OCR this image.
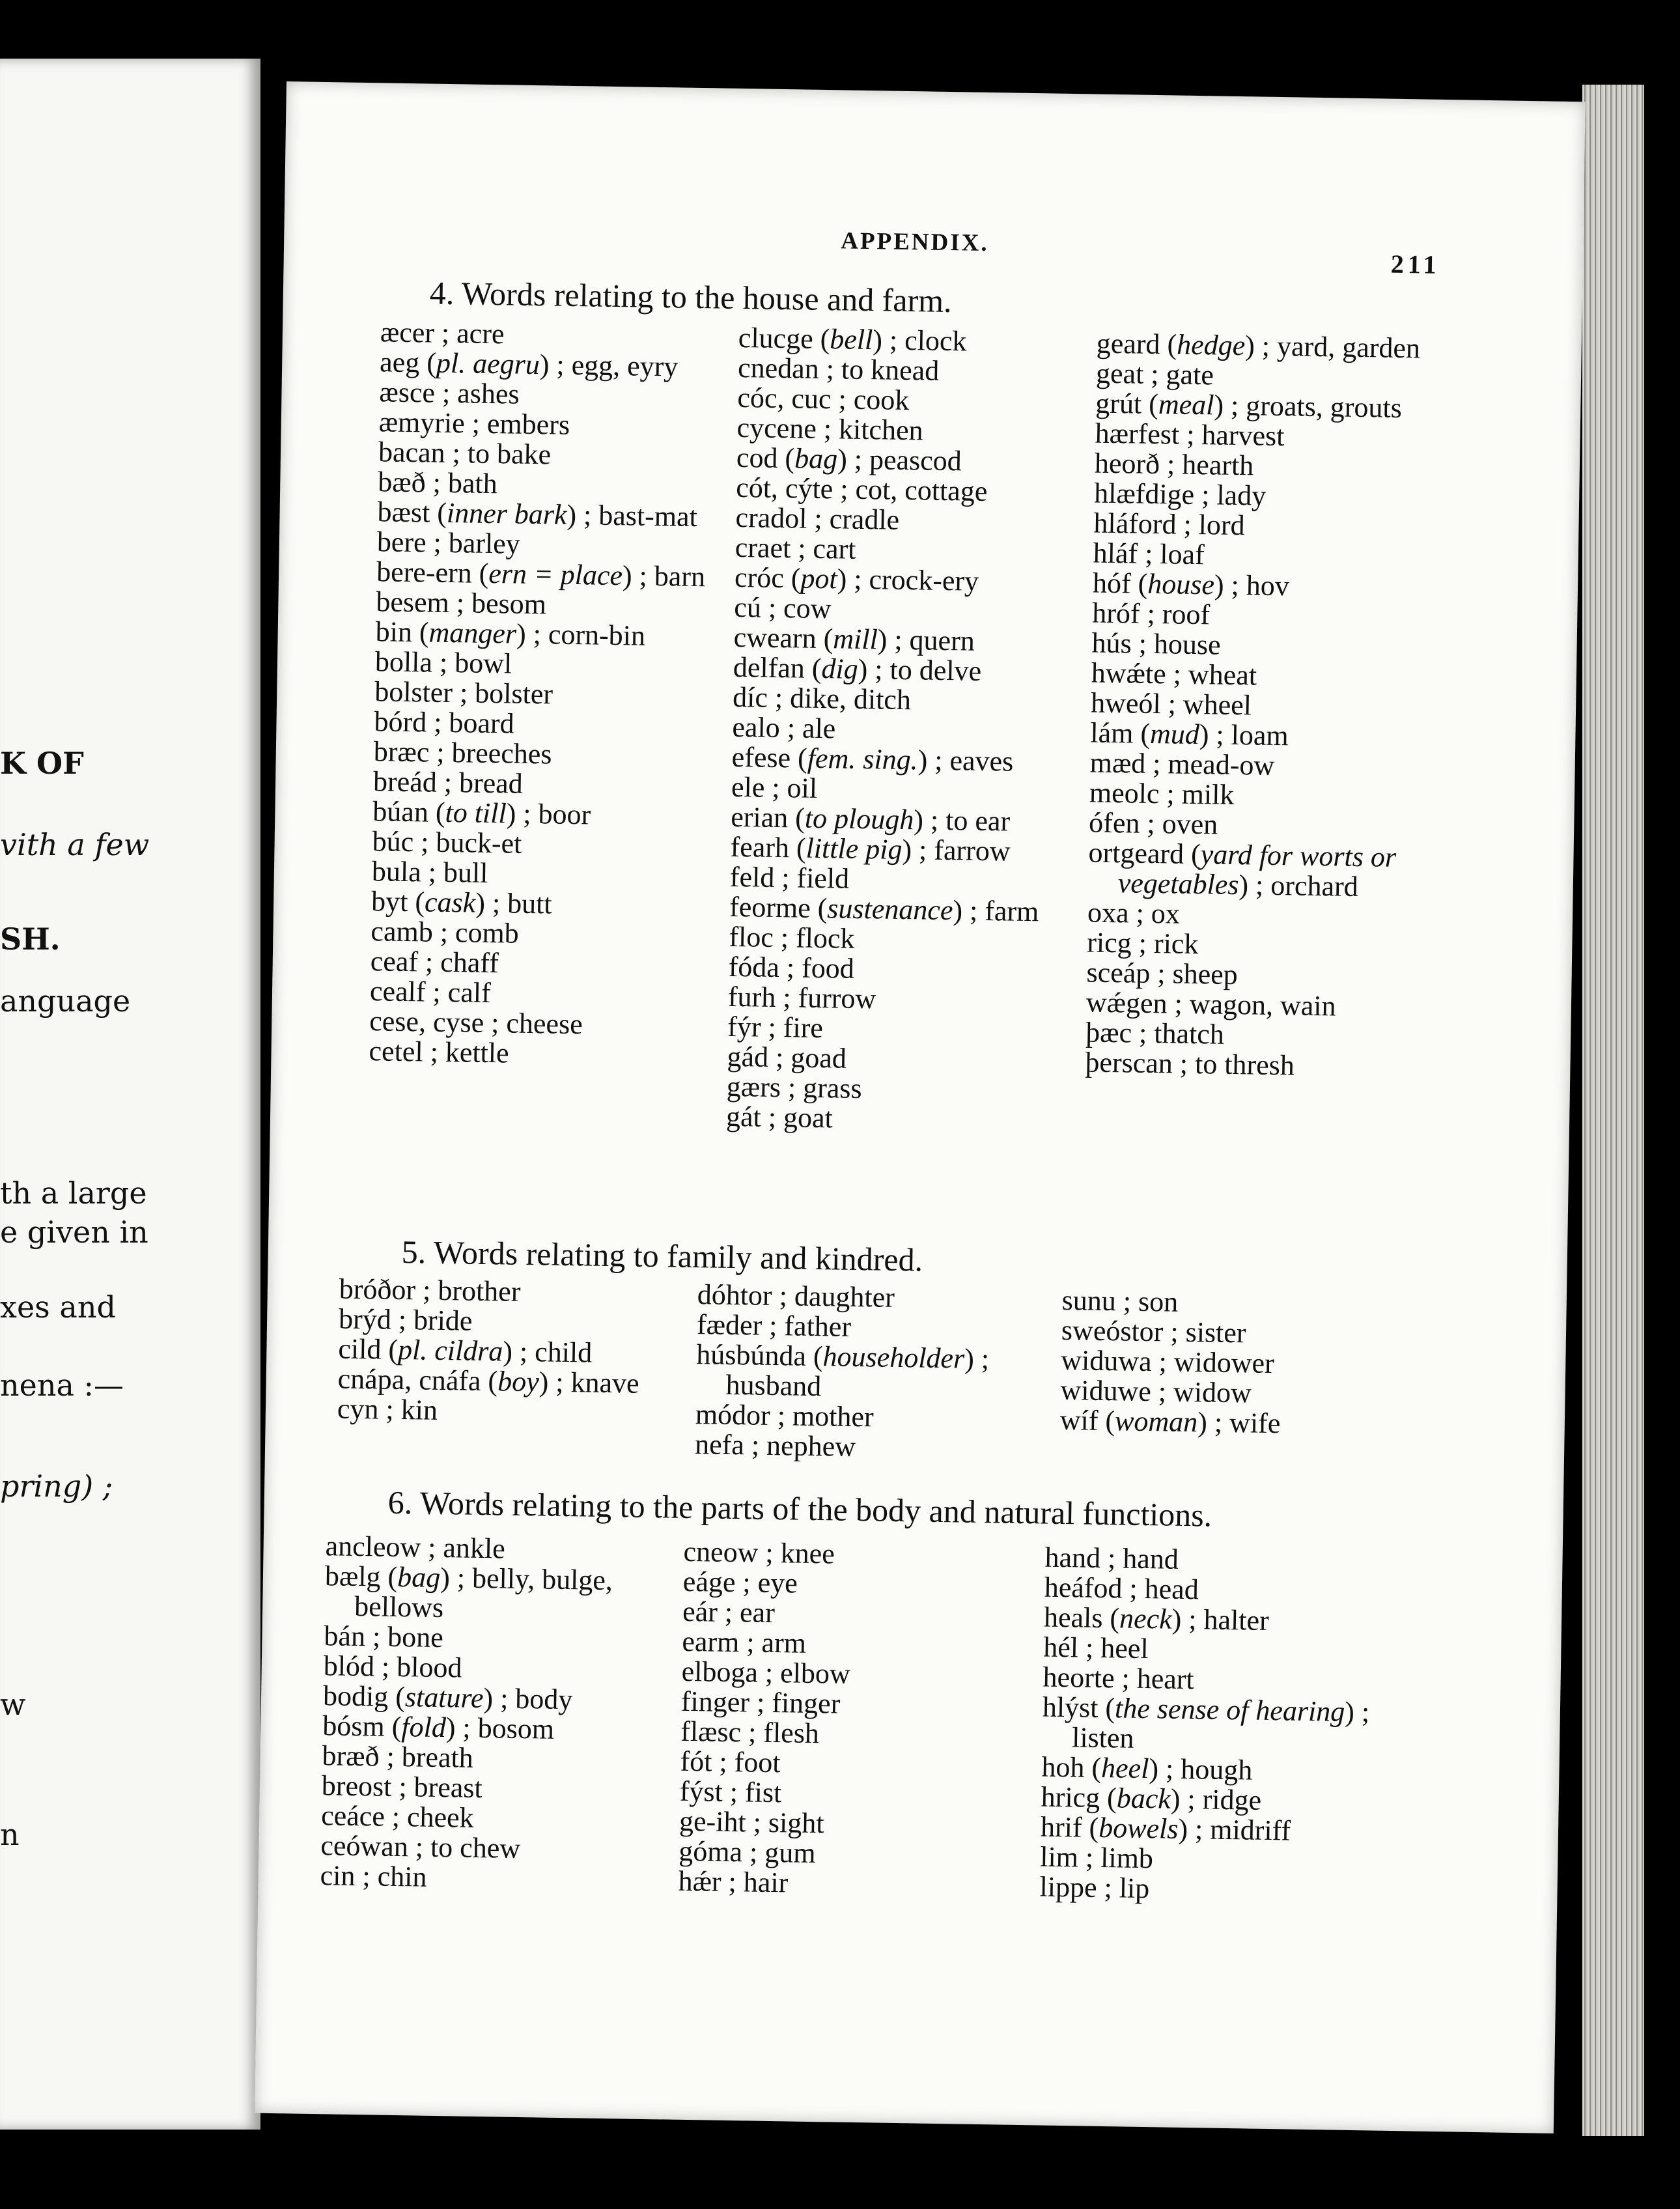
K OF
vith a few
SH.
anguage
th a large
e given in
xes and
nena :—
pring) ;
w
n
APPENDIX.
211
4. Words relating to the house and farm.

æcer ; acre

aeg (pl. aegru) ; egg, eyry

æsce ; ashes

æmyrie ; embers

bacan ; to bake

bæð ; bath

bæst (inner bark) ; bast-mat

bere ; barley

bere-ern (ern = place) ; barn

besem ; besom

bin (manger) ; corn-bin

bolla ; bowl

bolster ; bolster

bórd ; board

bræc ; breeches

breád ; bread

búan (to till) ; boor

búc ; buck-et

bula ; bull

byt (cask) ; butt

camb ; comb

ceaf ; chaff

cealf ; calf

cese, cyse ; cheese

cetel ; kettle

clucge (bell) ; clock

cnedan ; to knead

cóc, cuc ; cook

cycene ; kitchen

cod (bag) ; peascod

cót, cýte ; cot, cottage

cradol ; cradle

craet ; cart

cróc (pot) ; crock-ery

cú ; cow

cwearn (mill) ; quern

delfan (dig) ; to delve

díc ; dike, ditch

ealo ; ale

efese (fem. sing.) ; eaves

ele ; oil

erian (to plough) ; to ear

fearh (little pig) ; farrow

feld ; field

feorme (sustenance) ; farm

floc ; flock

fóda ; food

furh ; furrow

fýr ; fire

gád ; goad

gærs ; grass

gát ; goat

geard (hedge) ; yard, garden

geat ; gate

grút (meal) ; groats, grouts

hærfest ; harvest

heorð ; hearth

hlæfdige ; lady

hláford ; lord

hláf ; loaf

hóf (house) ; hov

hróf ; roof

hús ; house

hwǽte ; wheat

hweól ; wheel

lám (mud) ; loam

mæd ; mead-ow

meolc ; milk

ófen ; oven

ortgeard (yard for worts or vegetables) ; orchard

oxa ; ox

ricg ; rick

sceáp ; sheep

wǽgen ; wagon, wain

þæc ; thatch

þerscan ; to thresh

5. Words relating to family and kindred.

bróðor ; brother

brýd ; bride

cild (pl. cildra) ; child

cnápa, cnáfa (boy) ; knave

cyn ; kin

dóhtor ; daughter

fæder ; father

húsbúnda (householder) ; husband

módor ; mother

nefa ; nephew

sunu ; son

sweóstor ; sister

widuwa ; widower

widuwe ; widow

wíf (woman) ; wife

6. Words relating to the parts of the body and natural functions.

ancleow ; ankle

bælg (bag) ; belly, bulge, bellows

bán ; bone

blód ; blood

bodig (stature) ; body

bósm (fold) ; bosom

bræð ; breath

breost ; breast

ceáce ; cheek

ceówan ; to chew

cin ; chin

cneow ; knee

eáge ; eye

eár ; ear

earm ; arm

elboga ; elbow

finger ; finger

flæsc ; flesh

fót ; foot

fýst ; fist

ge-iht ; sight

góma ; gum

hǽr ; hair

hand ; hand

heáfod ; head

heals (neck) ; halter

hél ; heel

heorte ; heart

hlýst (the sense of hearing) ; listen

hoh (heel) ; hough

hricg (back) ; ridge

hrif (bowels) ; midriff

lim ; limb

lippe ; lip
